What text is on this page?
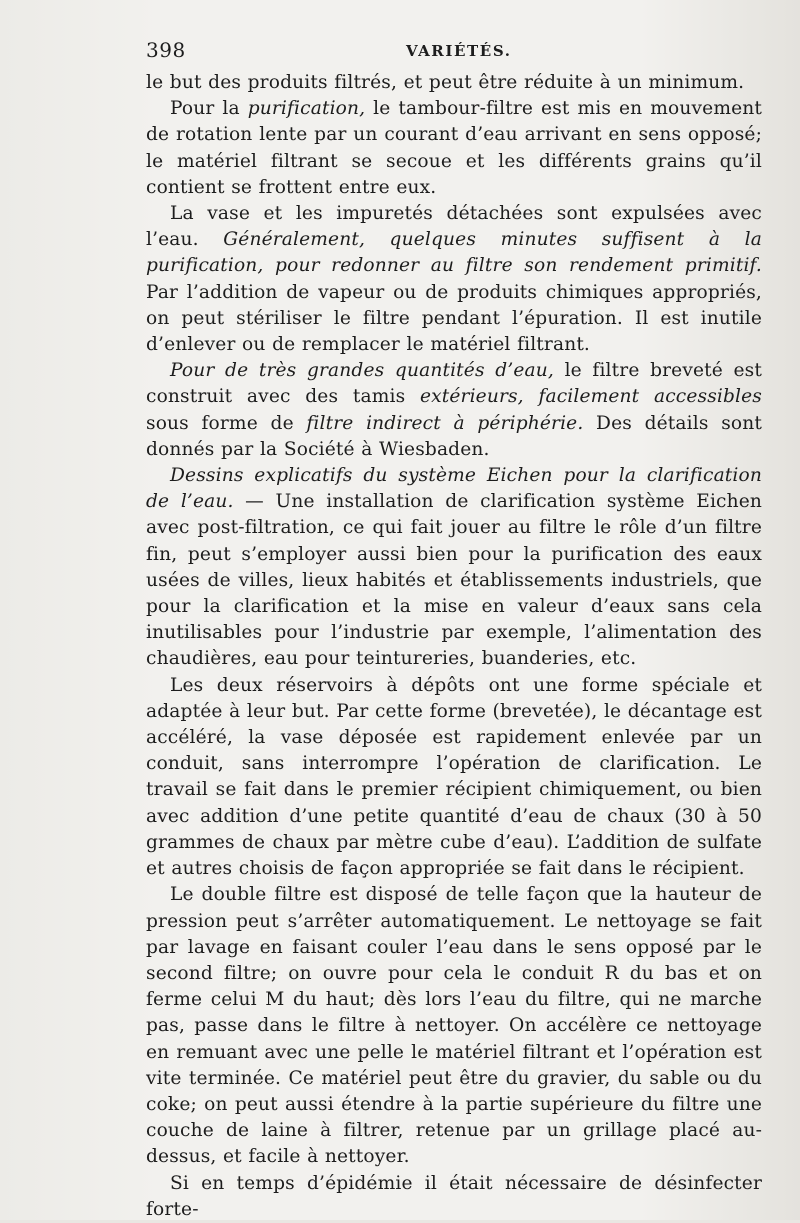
398	VARIÉTÉS.

le but des produits filtrés, et peut être réduite à un minimum.

Pour la purification, le tambour-filtre est mis en mouvement de rotation lente par un courant d’eau arrivant en sens opposé; le matériel filtrant se secoue et les différents grains qu’il contient se frottent entre eux.

La vase et les impuretés détachées sont expulsées avec l’eau. Généralement, quelques minutes suffisent à la purification, pour redonner au filtre son rendement primitif. Par l’addition de vapeur ou de produits chimiques appropriés, on peut stériliser le filtre pendant l’épuration. Il est inutile d’enlever ou de remplacer le matériel filtrant.

Pour de très grandes quantités d’eau, le filtre breveté est construit avec des tamis extérieurs, facilement accessibles sous forme de filtre indirect à périphérie. Des détails sont donnés par la Société à Wiesbaden.

Dessins explicatifs du système Eichen pour la clarification de l’eau. — Une installation de clarification système Eichen avec post-filtration, ce qui fait jouer au filtre le rôle d’un filtre fin, peut s’employer aussi bien pour la purification des eaux usées de villes, lieux habités et établissements industriels, que pour la clarification et la mise en valeur d’eaux sans cela inutilisables pour l’industrie par exemple, l’alimentation des chaudières, eau pour teintureries, buanderies, etc.

Les deux réservoirs à dépôts ont une forme spéciale et adaptée à leur but. Par cette forme (brevetée), le décantage est accéléré, la vase déposée est rapidement enlevée par un conduit, sans interrompre l’opération de clarification. Le travail se fait dans le premier récipient chimiquement, ou bien avec addition d’une petite quantité d’eau de chaux (30 à 50 grammes de chaux par mètre cube d’eau). L’addition de sulfate et autres choisis de façon appropriée se fait dans le récipient.

Le double filtre est disposé de telle façon que la hauteur de pression peut s’arrêter automatiquement. Le nettoyage se fait par lavage en faisant couler l’eau dans le sens opposé par le second filtre; on ouvre pour cela le conduit R du bas et on ferme celui M du haut; dès lors l’eau du filtre, qui ne marche pas, passe dans le filtre à nettoyer. On accélère ce nettoyage en remuant avec une pelle le matériel filtrant et l’opération est vite terminée. Ce matériel peut être du gravier, du sable ou du coke; on peut aussi étendre à la partie supérieure du filtre une couche de laine à filtrer, retenue par un grillage placé au-dessus, et facile à nettoyer.

Si en temps d’épidémie il était nécessaire de désinfecter forte-
